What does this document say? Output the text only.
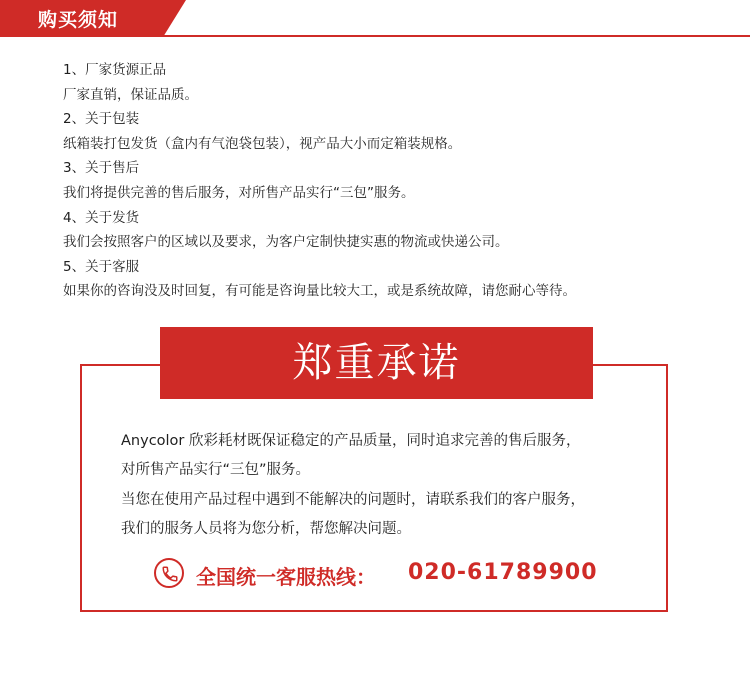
购买须知
1、厂家货源正品
厂家直销，保证品质。
2、关于包装
纸箱装打包发货（盒内有气泡袋包装），视产品大小而定箱装规格。
3、关于售后
我们将提供完善的售后服务，对所售产品实行“三包”服务。
4、关于发货
我们会按照客户的区域以及要求，为客户定制快捷实惠的物流或快递公司。
5、关于客服
如果你的咨询没及时回复，有可能是咨询量比较大工，或是系统故障，请您耐心等待。
郑重承诺
Anycolor 欣彩耗材既保证稳定的产品质量，同时追求完善的售后服务，
对所售产品实行“三包”服务。
当您在使用产品过程中遇到不能解决的问题时，请联系我们的客户服务，
我们的服务人员将为您分析，帮您解决问题。
全国统一客服热线： 020-61789900
